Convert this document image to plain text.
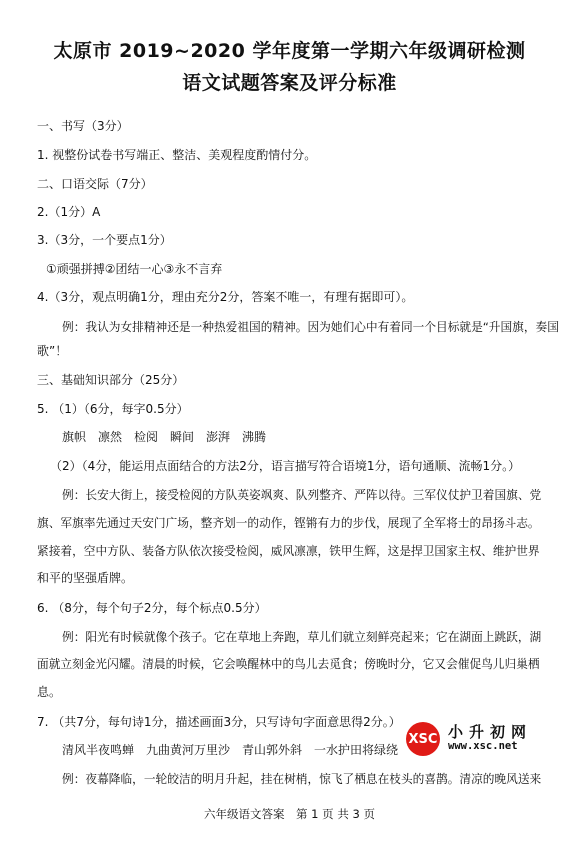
太原市 2019~2020 学年度第一学期六年级调研检测
语文试题答案及评分标准
一、书写（3分）
1. 视整份试卷书写端正、整洁、美观程度酌情付分。
二、口语交际（7分）
2.（1分）A
3.（3分，一个要点1分）
①顽强拼搏②团结一心③永不言弃
4.（3分，观点明确1分，理由充分2分，答案不唯一，有理有据即可）。
例：我认为女排精神还是一种热爱祖国的精神。因为她们心中有着同一个目标就是“升国旗，奏国
歌”！
三、基础知识部分（25分）
5. （1）（6分，每字0.5分）
旗帜　凛然　检阅　瞬间　澎湃　沸腾
（2）（4分，能运用点面结合的方法2分，语言描写符合语境1分，语句通顺、流畅1分。）
例：长安大街上，接受检阅的方队英姿飒爽、队列整齐、严阵以待。三军仪仗护卫着国旗、党
旗、军旗率先通过天安门广场，整齐划一的动作，铿锵有力的步伐，展现了全军将士的昂扬斗志。
紧接着，空中方队、装备方队依次接受检阅，威风凛凛，铁甲生辉，这是捍卫国家主权、维护世界
和平的坚强盾牌。
6. （8分，每个句子2分，每个标点0.5分）
例：阳光有时候就像个孩子。它在草地上奔跑，草儿们就立刻鲜亮起来；它在湖面上跳跃，湖
面就立刻金光闪耀。清晨的时候，它会唤醒林中的鸟儿去觅食；傍晚时分，它又会催促鸟儿归巢栖
息。
7. （共7分，每句诗1分，描述画面3分，只写诗句字面意思得2分。）
清风半夜鸣蝉　九曲黄河万里沙　青山郭外斜　一水护田将绿绕
例：夜幕降临，一轮皎洁的明月升起，挂在树梢，惊飞了栖息在枝头的喜鹊。清凉的晚风送来
XSC 小升初网
www.xsc.net
六年级语文答案　第 1 页 共 3 页
